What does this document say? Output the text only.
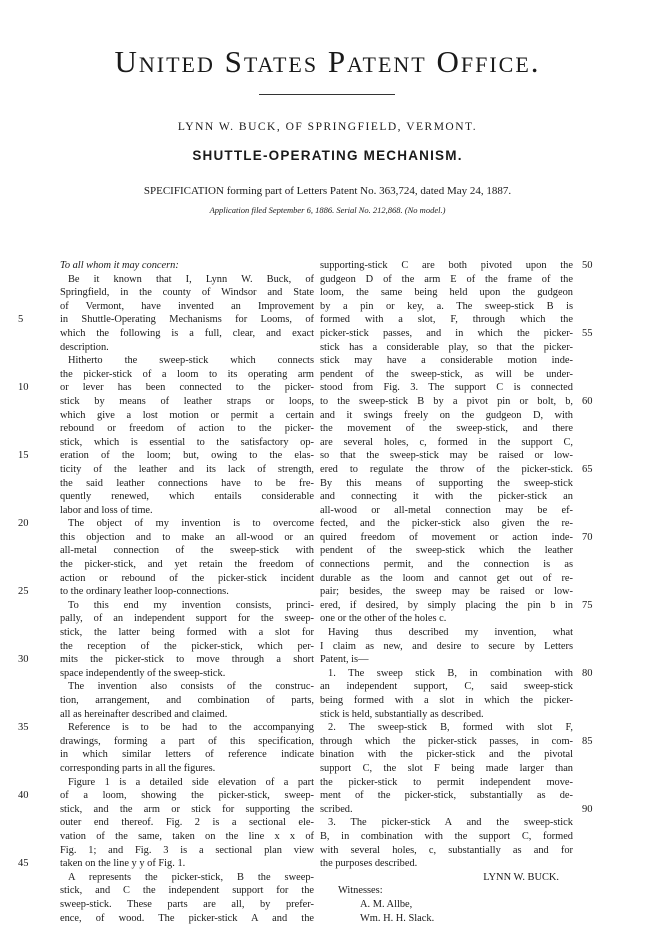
United States Patent Office.
LYNN W. BUCK, OF SPRINGFIELD, VERMONT.
SHUTTLE-OPERATING MECHANISM.
SPECIFICATION forming part of Letters Patent No. 363,724, dated May 24, 1887.
Application filed September 6, 1886. Serial No. 212,868. (No model.)
To all whom it may concern:
Be it known that I, Lynn W. Buck, of
Springfield, in the county of Windsor and State
of Vermont, have invented an Improvement
in Shuttle-Operating Mechanisms for Looms, of
which the following is a full, clear, and exact
description.
Hitherto the sweep-stick which connects
the picker-stick of a loom to its operating arm
or lever has been connected to the picker-
stick by means of leather straps or loops,
which give a lost motion or permit a certain
rebound or freedom of action to the picker-
stick, which is essential to the satisfactory op-
eration of the loom; but, owing to the elas-
ticity of the leather and its lack of strength,
the said leather connections have to be fre-
quently renewed, which entails considerable
labor and loss of time.
The object of my invention is to overcome
this objection and to make an all-wood or an
all-metal connection of the sweep-stick with
the picker-stick, and yet retain the freedom of
action or rebound of the picker-stick incident
to the ordinary leather loop-connections.
To this end my invention consists, princi-
pally, of an independent support for the sweep-
stick, the latter being formed with a slot for
the reception of the picker-stick, which per-
mits the picker-stick to move through a short
space independently of the sweep-stick.
The invention also consists of the construc-
tion, arrangement, and combination of parts,
all as hereinafter described and claimed.
Reference is to be had to the accompanying
drawings, forming a part of this specification,
in which similar letters of reference indicate
corresponding parts in all the figures.
Figure 1 is a detailed side elevation of a part
of a loom, showing the picker-stick, sweep-
stick, and the arm or stick for supporting the
outer end thereof. Fig. 2 is a sectional ele-
vation of the same, taken on the line x x of
Fig. 1; and Fig. 3 is a sectional plan view
taken on the line y y of Fig. 1.
A represents the picker-stick, B the sweep-
stick, and C the independent support for the
sweep-stick. These parts are all, by prefer-
ence, of wood. The picker-stick A and the
supporting-stick C are both pivoted upon the
gudgeon D of the arm E of the frame of the
loom, the same being held upon the gudgeon
by a pin or key, a. The sweep-stick B is
formed with a slot, F, through which the
picker-stick passes, and in which the picker-
stick has a considerable play, so that the picker-
stick may have a considerable motion inde-
pendent of the sweep-stick, as will be under-
stood from Fig. 3. The support C is connected
to the sweep-stick B by a pivot pin or bolt, b,
and it swings freely on the gudgeon D, with
the movement of the sweep-stick, and there
are several holes, c, formed in the support C,
so that the sweep-stick may be raised or low-
ered to regulate the throw of the picker-stick.
By this means of supporting the sweep-stick
and connecting it with the picker-stick an
all-wood or all-metal connection may be ef-
fected, and the picker-stick also given the re-
quired freedom of movement or action inde-
pendent of the sweep-stick which the leather
connections permit, and the connection is as
durable as the loom and cannot get out of re-
pair; besides, the sweep may be raised or low-
ered, if desired, by simply placing the pin b in
one or the other of the holes c.
Having thus described my invention, what
I claim as new, and desire to secure by Letters
Patent, is—
1. The sweep stick B, in combination with
an independent support, C, said sweep-stick
being formed with a slot in which the picker-
stick is held, substantially as described.
2. The sweep-stick B, formed with slot F,
through which the picker-stick passes, in com-
bination with the picker-stick and the pivotal
support C, the slot F being made larger than
the picker-stick to permit independent move-
ment of the picker-stick, substantially as de-
scribed.
3. The picker-stick A and the sweep-stick
B, in combination with the support C, formed
with several holes, c, substantially as and for
the purposes described.
LYNN W. BUCK.
Witnesses:
A. M. Allbe,
Wm. H. H. Slack.
5
10
15
20
25
30
35
40
45
50
55
60
65
70
75
80
85
90
